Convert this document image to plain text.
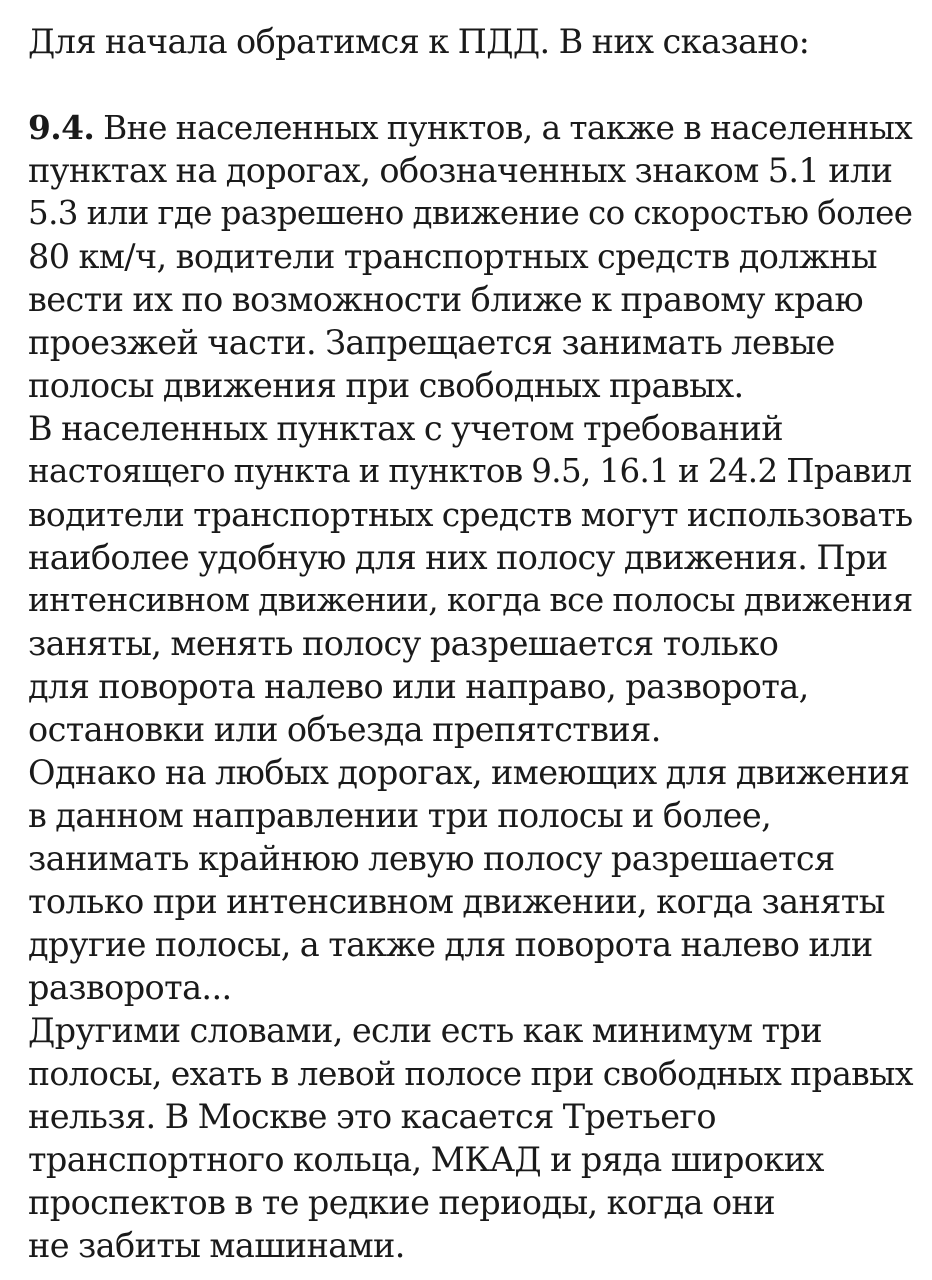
Для начала обратимся к ПДД. В них сказано:
9.4. Вне населенных пунктов, а также в населенных
пунктах на дорогах, обозначенных знаком 5.1 или
5.3 или где разрешено движение со скоростью более
80 км/ч, водители транспортных средств должны
вести их по возможности ближе к правому краю
проезжей части. Запрещается занимать левые
полосы движения при свободных правых.
В населенных пунктах с учетом требований
настоящего пункта и пунктов 9.5, 16.1 и 24.2 Правил
водители транспортных средств могут использовать
наиболее удобную для них полосу движения. При
интенсивном движении, когда все полосы движения
заняты, менять полосу разрешается только
для поворота налево или направо, разворота,
остановки или объезда препятствия.
Однако на любых дорогах, имеющих для движения
в данном направлении три полосы и более,
занимать крайнюю левую полосу разрешается
только при интенсивном движении, когда заняты
другие полосы, а также для поворота налево или
разворота...
Другими словами, если есть как минимум три
полосы, ехать в левой полосе при свободных правых
нельзя. В Москве это касается Третьего
транспортного кольца, МКАД и ряда широких
проспектов в те редкие периоды, когда они
не забиты машинами.
